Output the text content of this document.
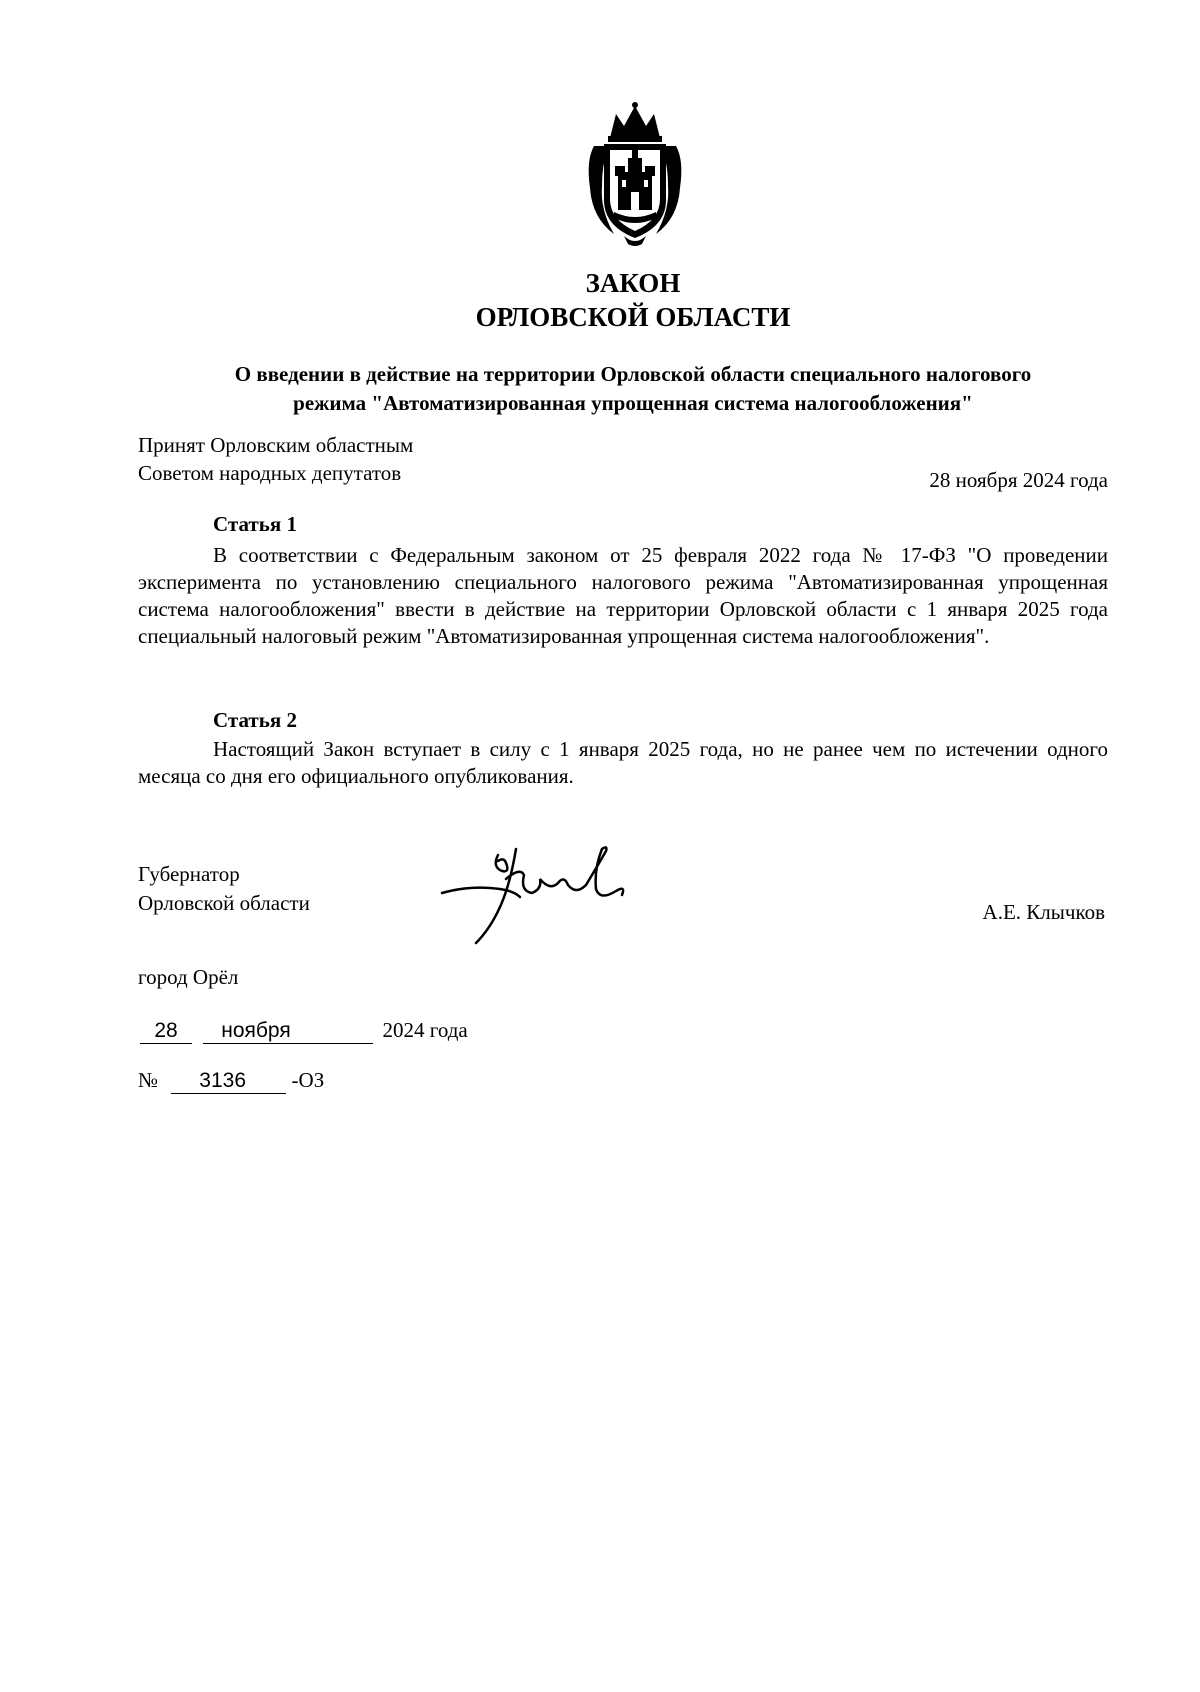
ЗАКОН
ОРЛОВСКОЙ ОБЛАСТИ
О введении в действие на территории Орловской области специального налогового
режима "Автоматизированная упрощенная система налогообложения"
Принят Орловским областным
Советом народных депутатов	28 ноября 2024 года
Статья 1

В соответствии с Федеральным законом от 25 февраля 2022 года № 17-ФЗ "О проведении эксперимента по установлению специального налогового режима "Автоматизированная упрощенная система налогообложения" ввести в действие на территории Орловской области с 1 января 2025 года специальный налоговый режим "Автоматизированная упрощенная система налогообложения".

Статья 2

Настоящий Закон вступает в силу с 1 января 2025 года, но не ранее чем по истечении одного месяца со дня его официального опубликования.

Губернатор
Орловской области	А.Е. Клычков
город Орёл
28 ноября	2024 года
№ 3136 -ОЗ
